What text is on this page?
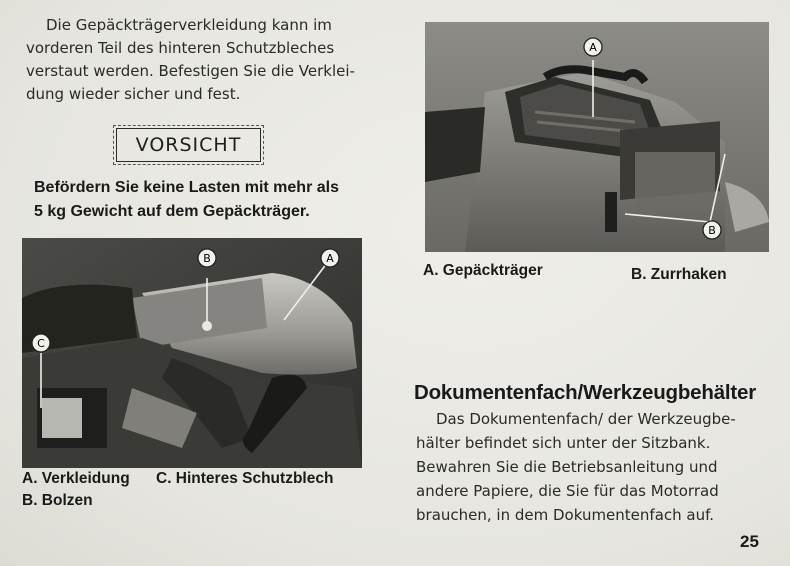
Die Gepäckträgerverkleidung kann im
vorderen Teil des hinteren Schutzbleches
verstaut werden. Befestigen Sie die Verklei-
dung wieder sicher und fest.
VORSICHT
Befördern Sie keine Lasten mit mehr als
5 kg Gewicht auf dem Gepäckträger.
A
B
C
A. Verkleidung C. Hinteres Schutzblech
B. Bolzen
A
B
A. Gepäckträger	B. Zurrhaken
Dokumentenfach/Werkzeugbehälter
Das Dokumentenfach/ der Werkzeugbe-
hälter befindet sich unter der Sitzbank.
Bewahren Sie die Betriebsanleitung und
andere Papiere, die Sie für das Motorrad
brauchen, in dem Dokumentenfach auf.
25
